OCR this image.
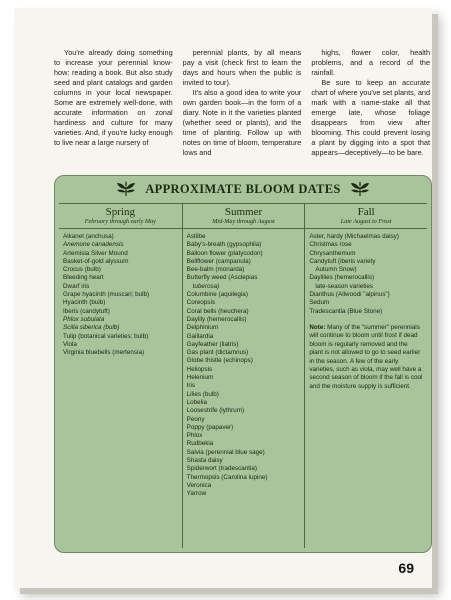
You're already doing something to increase your perennial know-how: reading a book. But also study seed and plant catalogs and garden columns in your local newspaper. Some are extremely well-done, with accurate information on zonal hardiness and culture for many varieties. And, if you're lucky enough to live near a large nursery of

perennial plants, by all means pay a visit (check first to learn the days and hours when the public is invited to tour).

It's also a good idea to write your own garden book—in the form of a diary. Note in it the varieties planted (whether seed or plants), and the time of planting. Follow up with notes on time of bloom, temperature lows and

highs, flower color, health problems, and a record of the rainfall.

Be sure to keep an accurate chart of where you've set plants, and mark with a name-stake all that emerge late, whose foliage disappears from view after blooming. This could prevent losing a plant by digging into a spot that appears—deceptively—to be bare.

APPROXIMATE BLOOM DATES
Spring
February through early May
Alkanet (anchusa)
Anemone canadensis
Artemisia Silver Mound
Basket-of-gold alyssum
Crocus (bulb)
Bleeding heart
Dwarf iris
Grape hyacinth (muscari; bulb)
Hyacinth (bulb)
Iberis (candytuft)
Phlox subulata
Scilla siberica (bulb)
Tulip (botanical varieties; bulb)
Viola
Virginia bluebells (mertensia)
Summer
Mid-May through August
Astilbe
Baby's-breath (gypsophila)
Balloon flower (platycodon)
Bellflower (campanula)
Bee-balm (monarda)
Butterfly weed (Asclepias
tuberosa)
Columbine (aquilegia)
Coreopsis
Coral bells (heuchera)
Daylily (hemerocallis)
Delphinium
Gaillardia
Gayfeather (liatris)
Gas plant (dictamnus)
Globe thistle (echinops)
Heliopsis
Helenium
Iris
Lilies (bulb)
Lobelia
Loosestrife (lythrum)
Peony
Poppy (papaver)
Phlox
Rudbekia
Salvia (perennial blue sage)
Shasta daisy
Spiderwort (tradescantia)
Thermopsis (Carolina lupine)
Veronica
Yarrow
Fall
Late August to Frost
Aster, hardy (Michaelmas daisy)
Christmas rose
Chrysanthemum
Candytuft (iberis variety
Autumn Snow)
Daylilies (hemerocallis)
late-season varieties
Dianthus (Allwoodi "alpinus")
Sedum
Tradescantia (Blue Stone)

Note: Many of the "summer" perennials will continue to bloom until frost if dead bloom is regularly removed and the plant is not allowed to go to seed earlier in the season. A few of the early varieties, such as viola, may well have a second season of bloom if the fall is cool and the moisture supply is sufficient.

69
